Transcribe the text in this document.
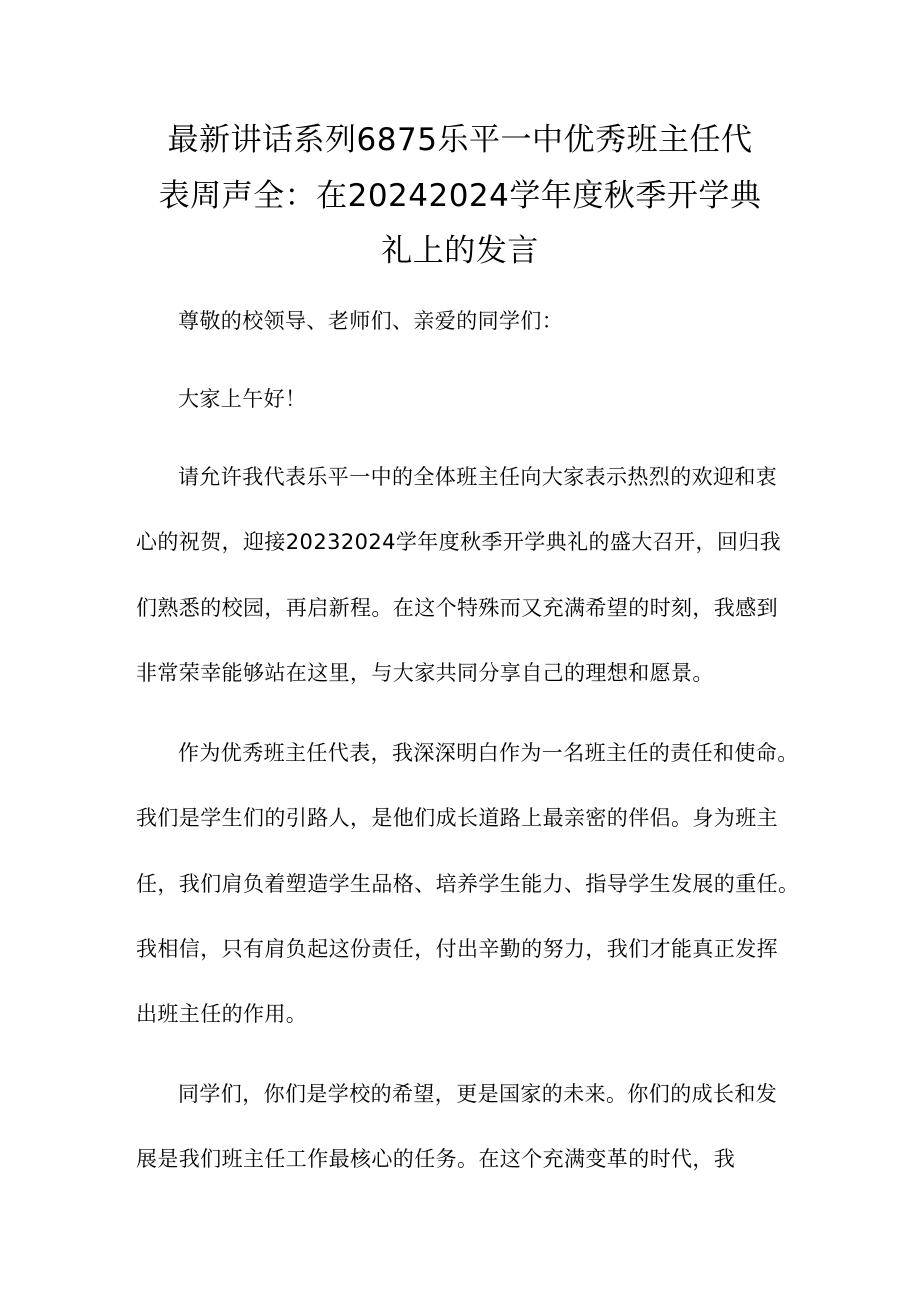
最新讲话系列6875乐平一中优秀班主任代
表周声全：在20242024学年度秋季开学典
礼上的发言
尊敬的校领导、老师们、亲爱的同学们：
大家上午好！
请允许我代表乐平一中的全体班主任向大家表示热烈的欢迎和衷
心的祝贺，迎接20232024学年度秋季开学典礼的盛大召开，回归我
们熟悉的校园，再启新程。在这个特殊而又充满希望的时刻，我感到
非常荣幸能够站在这里，与大家共同分享自己的理想和愿景。
作为优秀班主任代表，我深深明白作为一名班主任的责任和使命。
我们是学生们的引路人，是他们成长道路上最亲密的伴侣。身为班主
任，我们肩负着塑造学生品格、培养学生能力、指导学生发展的重任。
我相信，只有肩负起这份责任，付出辛勤的努力，我们才能真正发挥
出班主任的作用。
同学们，你们是学校的希望，更是国家的未来。你们的成长和发
展是我们班主任工作最核心的任务。在这个充满变革的时代，我
